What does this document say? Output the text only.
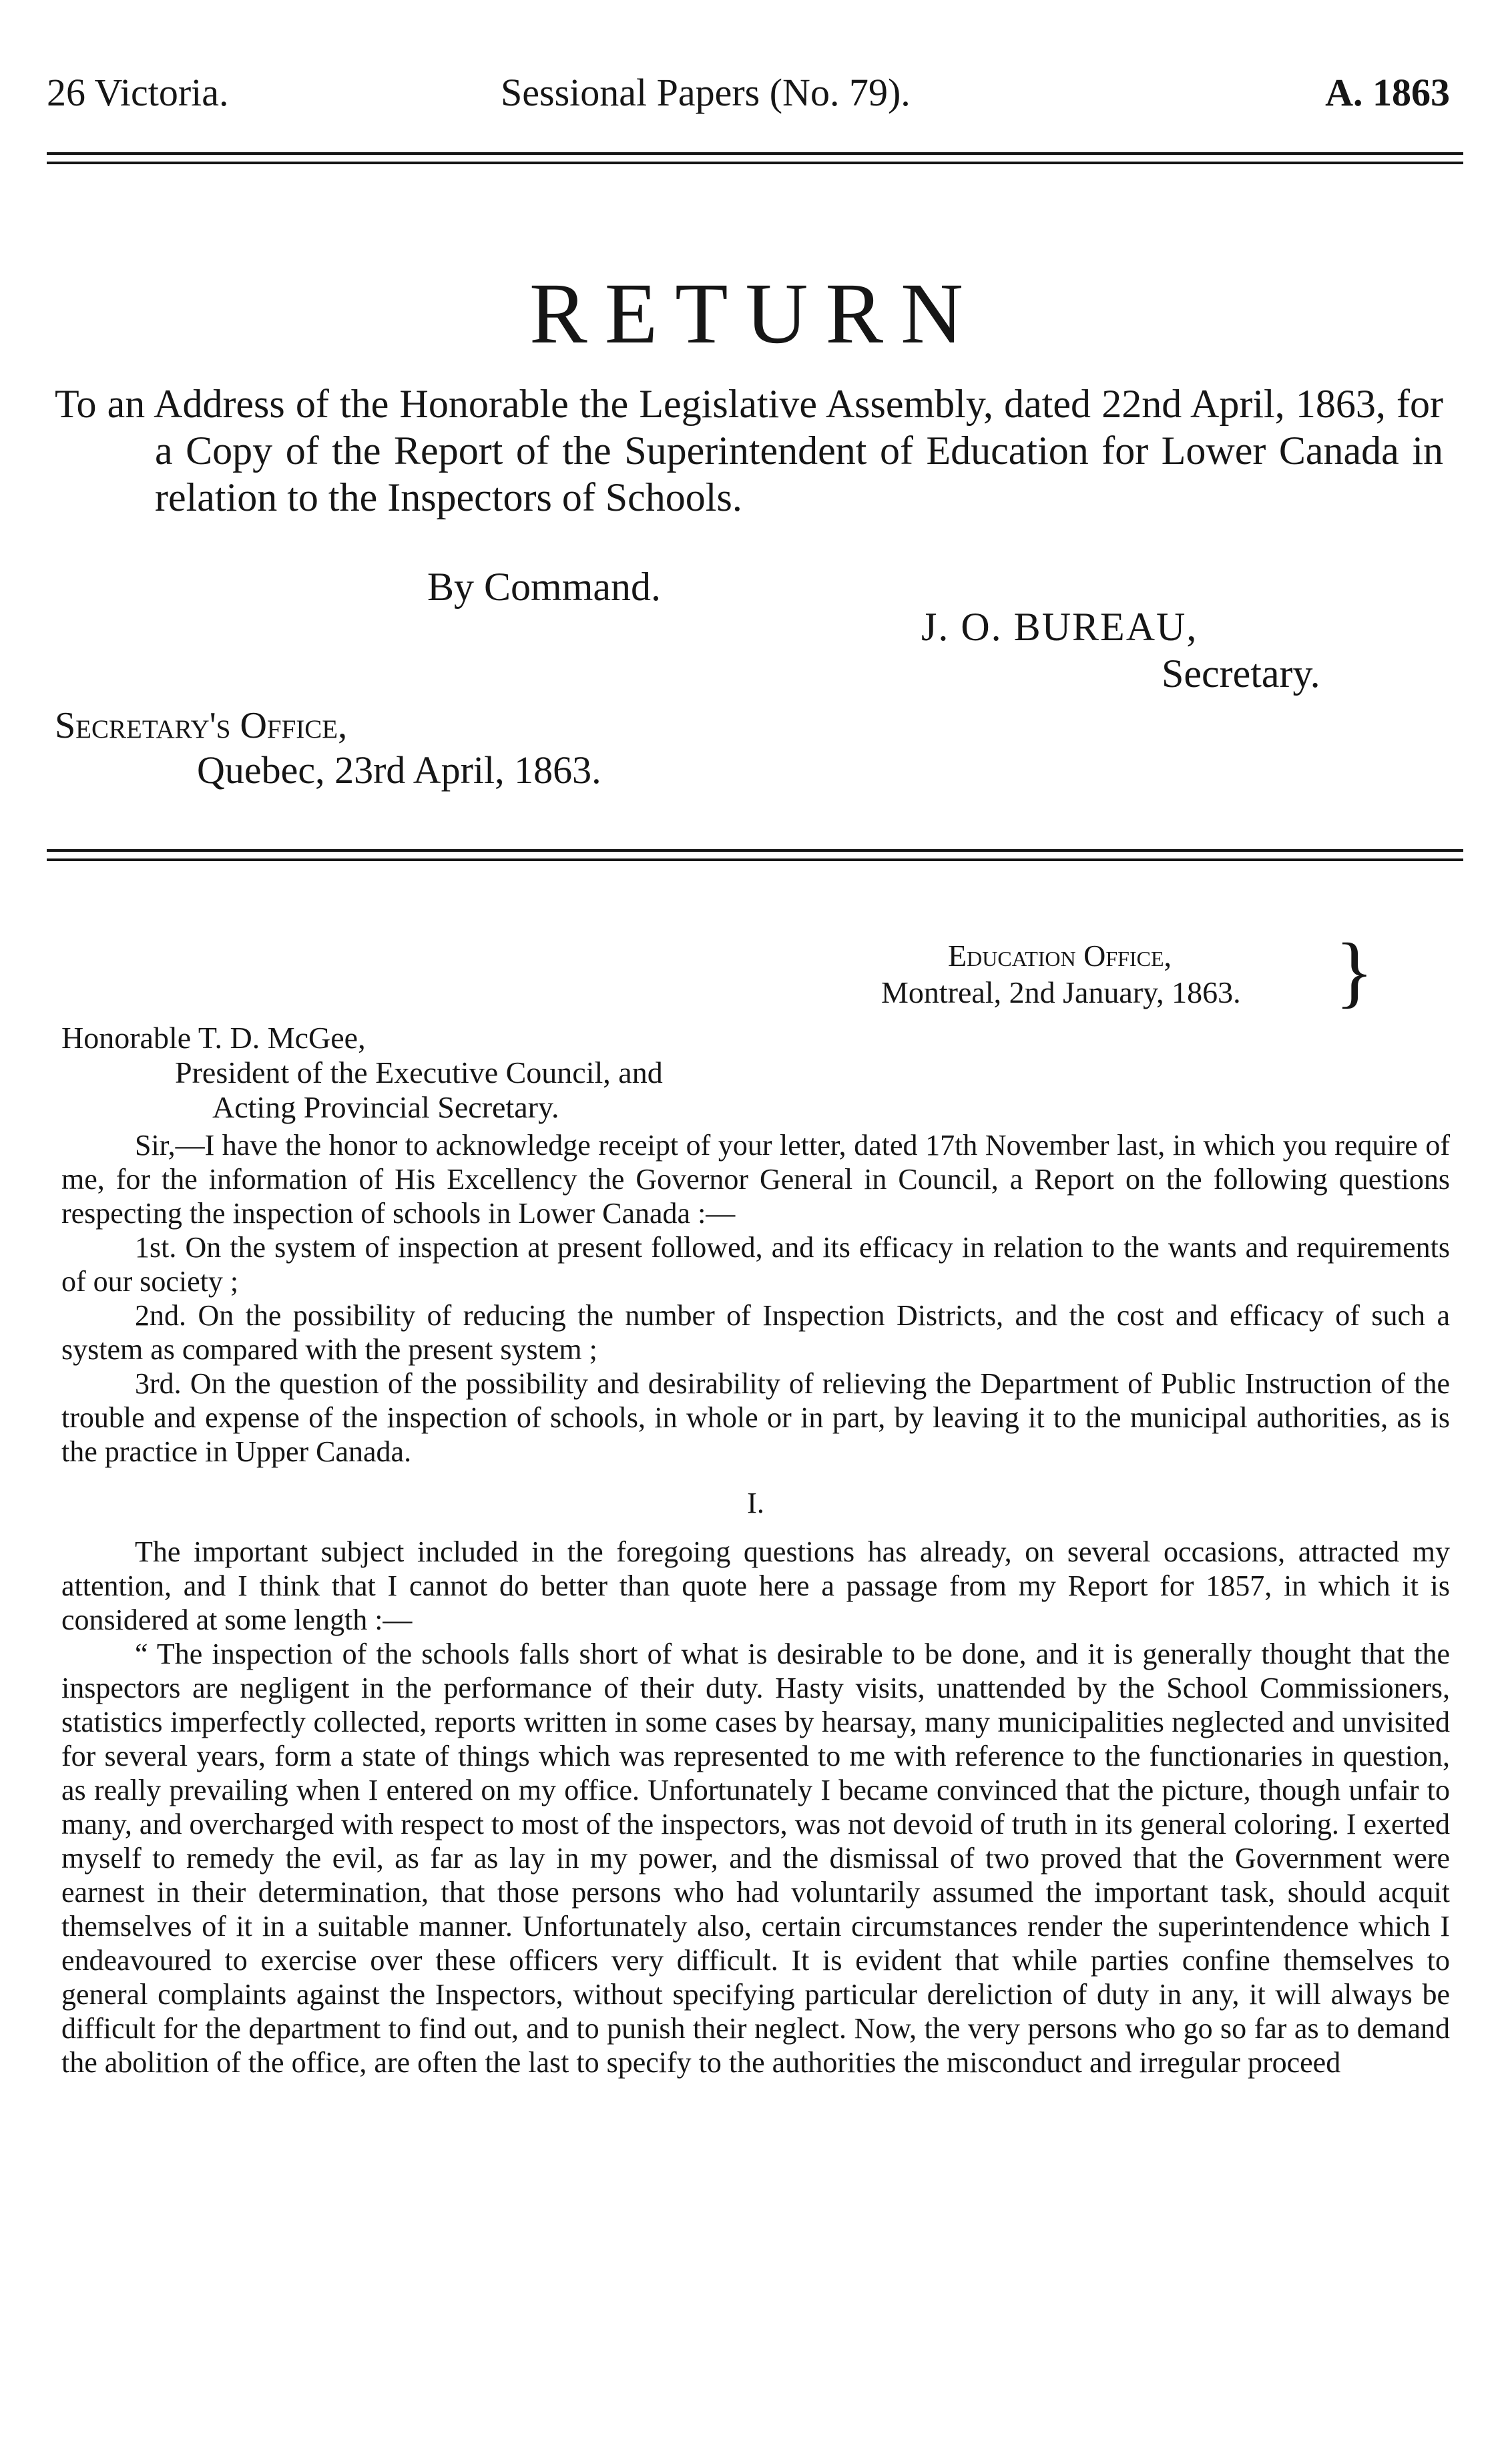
26 Victoria.	Sessional Papers (No. 79).	A. 1863
RETURN
To an Address of the Honorable the Legislative Assembly, dated 22nd April, 1863, for a Copy of the Report of the Superintendent of Education for Lower Canada in relation to the Inspectors of Schools.
By Command.
J. O. BUREAU,
Secretary.
Secretary's Office,
Quebec, 23rd April, 1863.
Education Office,
Montreal, 2nd January, 1863. }
Honorable T. D. McGee,
President of the Executive Council, and
Acting Provincial Secretary.

Sir,—I have the honor to acknowledge receipt of your letter, dated 17th November last, in which you require of me, for the information of His Excellency the Governor General in Council, a Report on the following questions respecting the inspection of schools in Lower Canada :—

1st. On the system of inspection at present followed, and its efficacy in relation to the wants and requirements of our society ;

2nd. On the possibility of reducing the number of Inspection Districts, and the cost and efficacy of such a system as compared with the present system ;

3rd. On the question of the possibility and desirability of relieving the Department of Public Instruction of the trouble and expense of the inspection of schools, in whole or in part, by leaving it to the municipal authorities, as is the practice in Upper Canada.

I.

The important subject included in the foregoing questions has already, on several occasions, attracted my attention, and I think that I cannot do better than quote here a passage from my Report for 1857, in which it is considered at some length :—

“ The inspection of the schools falls short of what is desirable to be done, and it is generally thought that the inspectors are negligent in the performance of their duty. Hasty visits, unattended by the School Commissioners, statistics imperfectly collected, reports written in some cases by hearsay, many municipalities neglected and unvisited for several years, form a state of things which was represented to me with reference to the functionaries in question, as really prevailing when I entered on my office. Unfortunately I became convinced that the picture, though unfair to many, and overcharged with respect to most of the inspectors, was not devoid of truth in its general coloring. I exerted myself to remedy the evil, as far as lay in my power, and the dismissal of two proved that the Government were earnest in their determination, that those persons who had voluntarily assumed the important task, should acquit themselves of it in a suitable manner. Unfortunately also, certain circumstances render the superintendence which I endeavoured to exercise over these officers very difficult. It is evident that while parties confine themselves to general complaints against the Inspectors, without specifying particular dereliction of duty in any, it will always be difficult for the department to find out, and to punish their neglect. Now, the very persons who go so far as to demand the abolition of the office, are often the last to specify to the authorities the misconduct and irregular proceed
